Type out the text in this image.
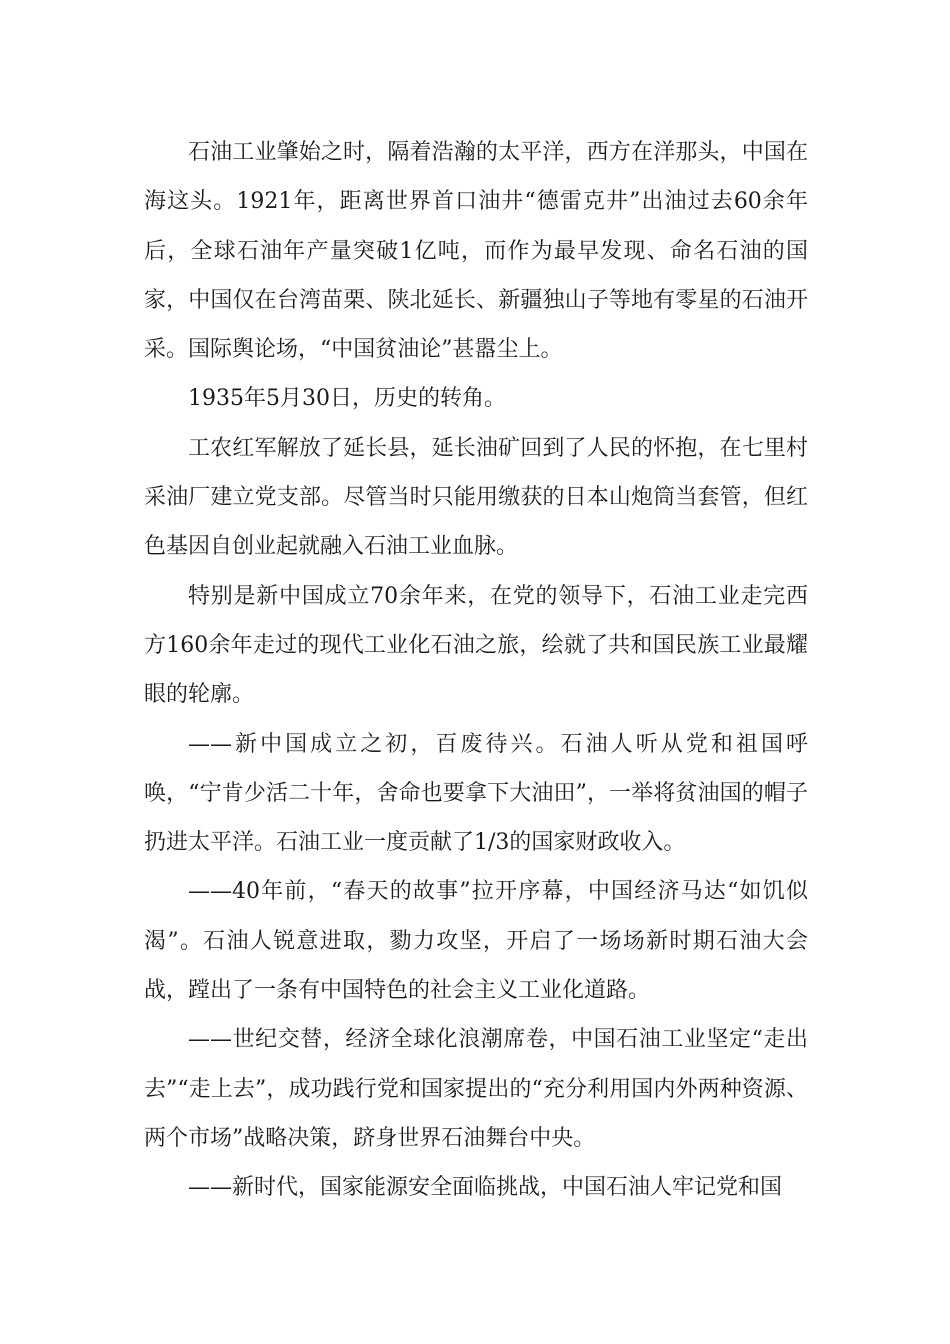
石油工业肇始之时，隔着浩瀚的太平洋，西方在洋那头，中国在海这头。1921年，距离世界首口油井“德雷克井”出油过去60余年后，全球石油年产量突破1亿吨，而作为最早发现、命名石油的国家，中国仅在台湾苗栗、陕北延长、新疆独山子等地有零星的石油开采。国际舆论场，“中国贫油论”甚嚣尘上。

1935年5月30日，历史的转角。

工农红军解放了延长县，延长油矿回到了人民的怀抱，在七里村采油厂建立党支部。尽管当时只能用缴获的日本山炮筒当套管，但红色基因自创业起就融入石油工业血脉。

特别是新中国成立70余年来，在党的领导下，石油工业走完西方160余年走过的现代工业化石油之旅，绘就了共和国民族工业最耀眼的轮廓。

——新中国成立之初，百废待兴。石油人听从党和祖国呼唤，“宁肯少活二十年，舍命也要拿下大油田”，一举将贫油国的帽子扔进太平洋。石油工业一度贡献了1/3的国家财政收入。

——40年前，“春天的故事”拉开序幕，中国经济马达“如饥似渴”。石油人锐意进取，勠力攻坚，开启了一场场新时期石油大会战，蹚出了一条有中国特色的社会主义工业化道路。

——世纪交替，经济全球化浪潮席卷，中国石油工业坚定“走出去”“走上去”，成功践行党和国家提出的“充分利用国内外两种资源、两个市场”战略决策，跻身世界石油舞台中央。

——新时代，国家能源安全面临挑战，中国石油人牢记党和国
